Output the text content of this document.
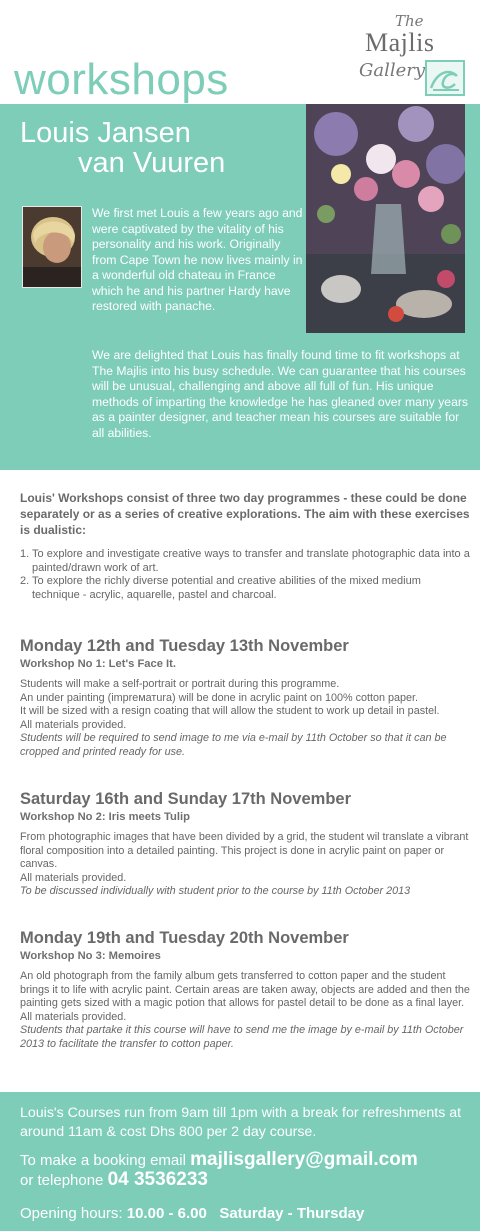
workshops
The
Majlis
Gallery
Louis Jansen
van Vuuren
We first met Louis a few years ago and were captivated by the vitality of his personality and his work. Originally from Cape Town he now lives mainly in a wonderful old chateau in France which he and his partner Hardy have restored with panache.
We are delighted that Louis has finally found time to fit workshops at The Majlis into his busy schedule. We can guarantee that his courses will be unusual, challenging and above all full of fun. His unique methods of imparting the knowledge he has gleaned over many years as a painter designer, and teacher mean his courses are suitable for all abilities.
Louis' Workshops consist of three two day programmes - these could be done separately or as a series of creative explorations. The aim with these exercises is dualistic:
1. To explore and investigate creative ways to transfer and translate photographic data into a painted/drawn work of art.
2. To explore the richly diverse potential and creative abilities of the mixed medium technique - acrylic, aquarelle, pastel and charcoal.
Monday 12th and Tuesday 13th November
Workshop No 1: Let's Face It.

Students will make a self-portrait or portrait during this programme.

An under painting (impreматura) will be done in acrylic paint on 100% cotton paper.

It will be sized with a resign coating that will allow the student to work up detail in pastel.

All materials provided.

Students will be required to send image to me via e-mail by 11th October so that it can be cropped and printed ready for use.

Saturday 16th and Sunday 17th November
Workshop No 2: Iris meets Tulip

From photographic images that have been divided by a grid, the student wil translate a vibrant floral composition into a detailed painting. This project is done in acrylic paint on paper or canvas.

All materials provided.

To be discussed individually with student prior to the course by 11th October 2013

Monday 19th and Tuesday 20th November
Workshop No 3: Memoires

An old photograph from the family album gets transferred to cotton paper and the student brings it to life with acrylic paint. Certain areas are taken away, objects are added and then the painting gets sized with a magic potion that allows for pastel detail to be done as a final layer.

All materials provided.

Students that partake it this course will have to send me the image by e-mail by 11th October 2013 to facilitate the transfer to cotton paper.

Louis's Courses run from 9am till 1pm with a break for refreshments at around 11am & cost Dhs 800 per 2 day course.
To make a booking email majlisgallery@gmail.com
or telephone 04 3536233
Opening hours: 10.00 - 6.00 Saturday - Thursday
